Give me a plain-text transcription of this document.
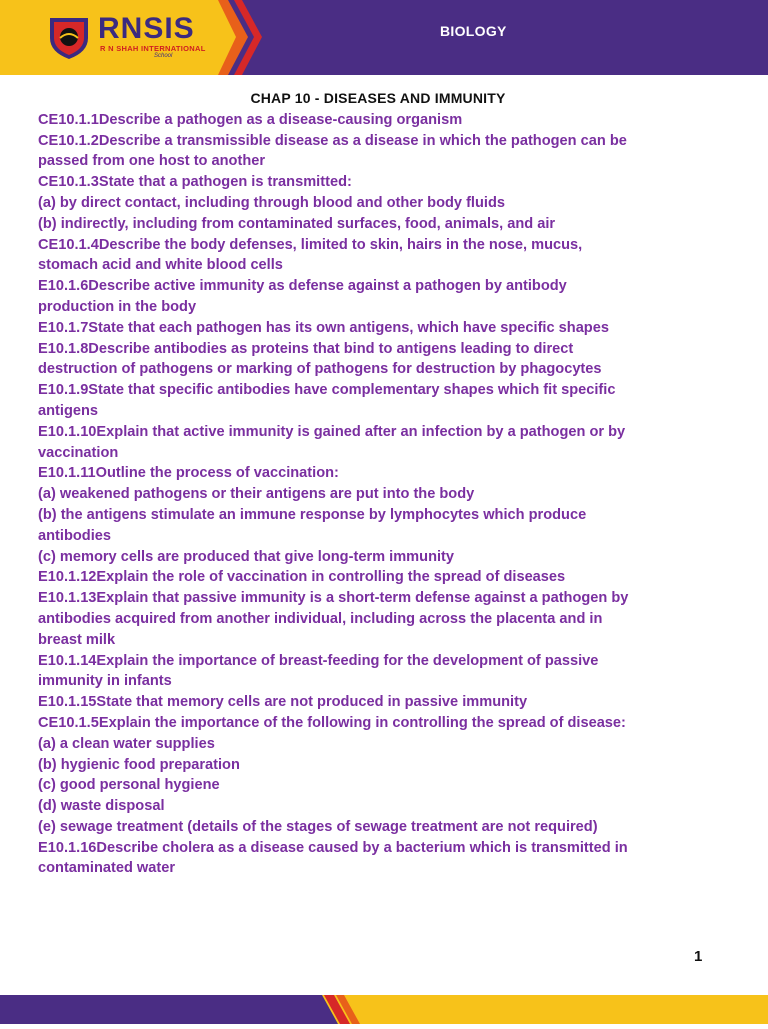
RNSIS
R N SHAH INTERNATIONAL
School
BIOLOGY
CHAP 10 - DISEASES AND IMMUNITY
CE10.1.1Describe a pathogen as a disease-causing organism
CE10.1.2Describe a transmissible disease as a disease in which the pathogen can be
passed from one host to another
CE10.1.3State that a pathogen is transmitted:
(a) by direct contact, including through blood and other body fluids
(b) indirectly, including from contaminated surfaces, food, animals, and air
CE10.1.4Describe the body defenses, limited to skin, hairs in the nose, mucus,
stomach acid and white blood cells
E10.1.6Describe active immunity as defense against a pathogen by antibody
production in the body
E10.1.7State that each pathogen has its own antigens, which have specific shapes
E10.1.8Describe antibodies as proteins that bind to antigens leading to direct
destruction of pathogens or marking of pathogens for destruction by phagocytes
E10.1.9State that specific antibodies have complementary shapes which fit specific
antigens
E10.1.10Explain that active immunity is gained after an infection by a pathogen or by
vaccination
E10.1.11Outline the process of vaccination:
(a) weakened pathogens or their antigens are put into the body
(b) the antigens stimulate an immune response by lymphocytes which produce
antibodies
(c) memory cells are produced that give long-term immunity
E10.1.12Explain the role of vaccination in controlling the spread of diseases
E10.1.13Explain that passive immunity is a short-term defense against a pathogen by
antibodies acquired from another individual, including across the placenta and in
breast milk
E10.1.14Explain the importance of breast-feeding for the development of passive
immunity in infants
E10.1.15State that memory cells are not produced in passive immunity
CE10.1.5Explain the importance of the following in controlling the spread of disease:
(a) a clean water supplies
(b) hygienic food preparation
(c) good personal hygiene
(d) waste disposal
(e) sewage treatment (details of the stages of sewage treatment are not required)
E10.1.16Describe cholera as a disease caused by a bacterium which is transmitted in
contaminated water
1
